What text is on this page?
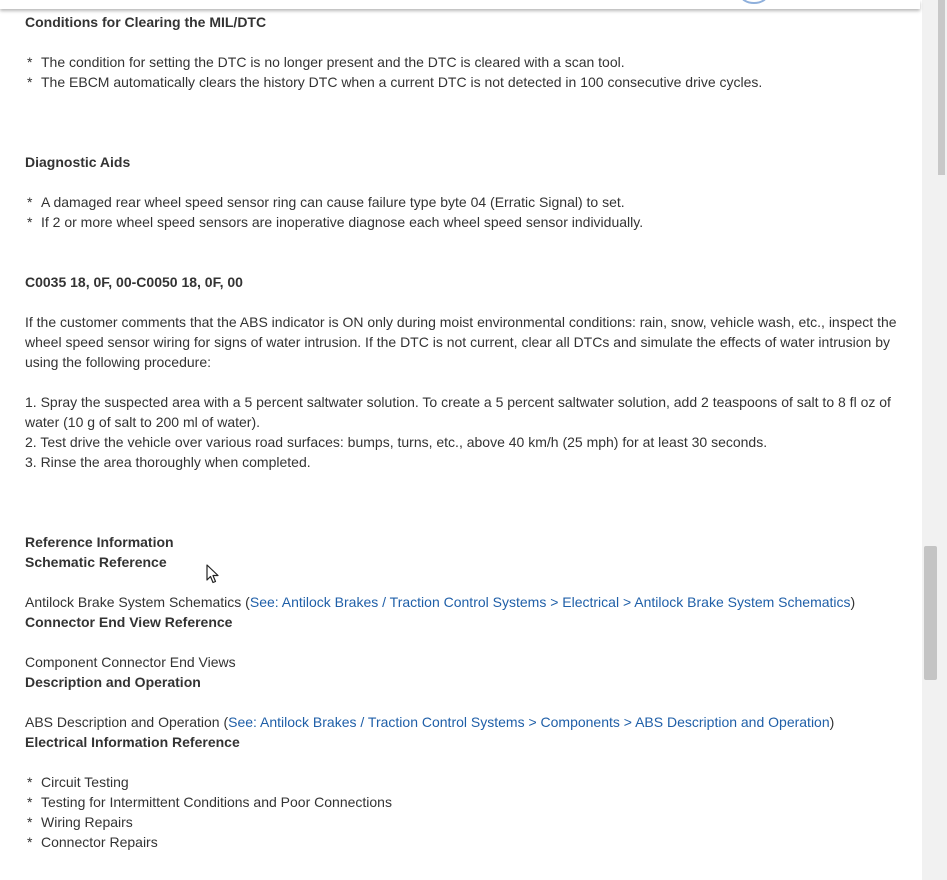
Conditions for Clearing the MIL/DTC

* The condition for setting the DTC is no longer present and the DTC is cleared with a scan tool.

* The EBCM automatically clears the history DTC when a current DTC is not detected in 100 consecutive drive cycles.

Diagnostic Aids

* A damaged rear wheel speed sensor ring can cause failure type byte 04 (Erratic Signal) to set.

* If 2 or more wheel speed sensors are inoperative diagnose each wheel speed sensor individually.

C0035 18, 0F, 00-C0050 18, 0F, 00

If the customer comments that the ABS indicator is ON only during moist environmental conditions: rain, snow, vehicle wash, etc., inspect the wheel speed sensor wiring for signs of water intrusion. If the DTC is not current, clear all DTCs and simulate the effects of water intrusion by using the following procedure:

1. Spray the suspected area with a 5 percent saltwater solution. To create a 5 percent saltwater solution, add 2 teaspoons of salt to 8 fl oz of water (10 g of salt to 200 ml of water).

2. Test drive the vehicle over various road surfaces: bumps, turns, etc., above 40 km/h (25 mph) for at least 30 seconds.

3. Rinse the area thoroughly when completed.

Reference Information

Schematic Reference

Antilock Brake System Schematics (See: Antilock Brakes / Traction Control Systems > Electrical > Antilock Brake System Schematics)

Connector End View Reference

Component Connector End Views

Description and Operation

ABS Description and Operation (See: Antilock Brakes / Traction Control Systems > Components > ABS Description and Operation)

Electrical Information Reference

* Circuit Testing

* Testing for Intermittent Conditions and Poor Connections

* Wiring Repairs

* Connector Repairs
